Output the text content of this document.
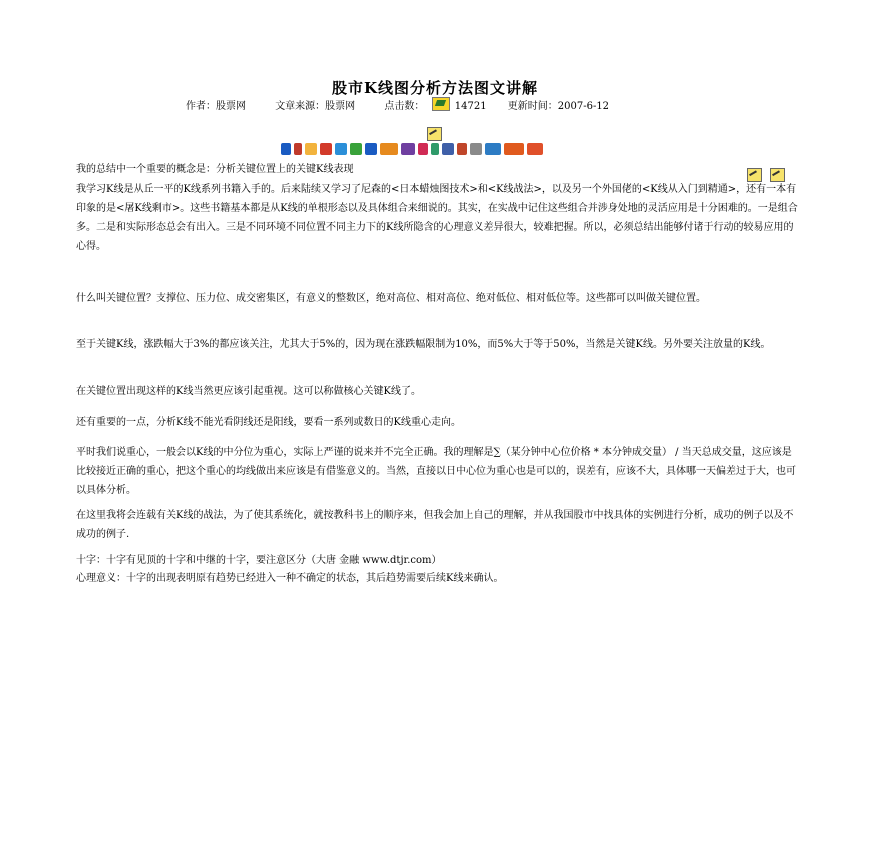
股市K线图分析方法图文讲解
作者：股票网	文章来源：股票网	点击数：	14721 更新时间：2007-6-12

我的总结中一个重要的概念是：分析关键位置上的关键K线表现
我学习K线是从丘一平的K线系列书籍入手的。后来陆续又学习了尼森的<日本蜡烛图技术>和<K线战法>，以及另一个外国佬的<K线从入门到精通>，还有一本有印象的是<屠K线剩市>。这些书籍基本都是从K线的单根形态以及具体组合来细说的。其实，在实战中记住这些组合并涉身处地的灵活应用是十分困难的。一是组合多。二是和实际形态总会有出入。三是不同环境不同位置不同主力下的K线所隐含的心理意义差异很大，较难把握。所以，必须总结出能够付诸于行动的较易应用的心得。
什么叫关键位置？支撑位、压力位、成交密集区，有意义的整数区，绝对高位、相对高位、绝对低位、相对低位等。这些都可以叫做关键位置。
至于关键K线，涨跌幅大于3%的都应该关注，尤其大于5%的，因为现在涨跌幅限制为10%，而5%大于等于50%，当然是关键K线。另外要关注放量的K线。
在关键位置出现这样的K线当然更应该引起重视。这可以称做核心关键K线了。
还有重要的一点，分析K线不能光看阴线还是阳线，要看一系列或数日的K线重心走向。
平时我们说重心，一般会以K线的中分位为重心，实际上严谨的说来并不完全正确。我的理解是∑（某分钟中心位价格 * 本分钟成交量） / 当天总成交量，这应该是比较接近正确的重心，把这个重心的均线做出来应该是有借鉴意义的。当然，直接以日中心位为重心也是可以的，误差有，应该不大，具体哪一天偏差过于大，也可以具体分析。
在这里我将会连载有关K线的战法，为了使其系统化，就按教科书上的顺序来，但我会加上自己的理解，并从我国股市中找具体的实例进行分析，成功的例子以及不成功的例子.
十字：十字有见顶的十字和中继的十字，要注意区分（大唐 金融 www.dtjr.com）
心理意义：十字的出现表明原有趋势已经进入一种不确定的状态，其后趋势需要后续K线来确认。
